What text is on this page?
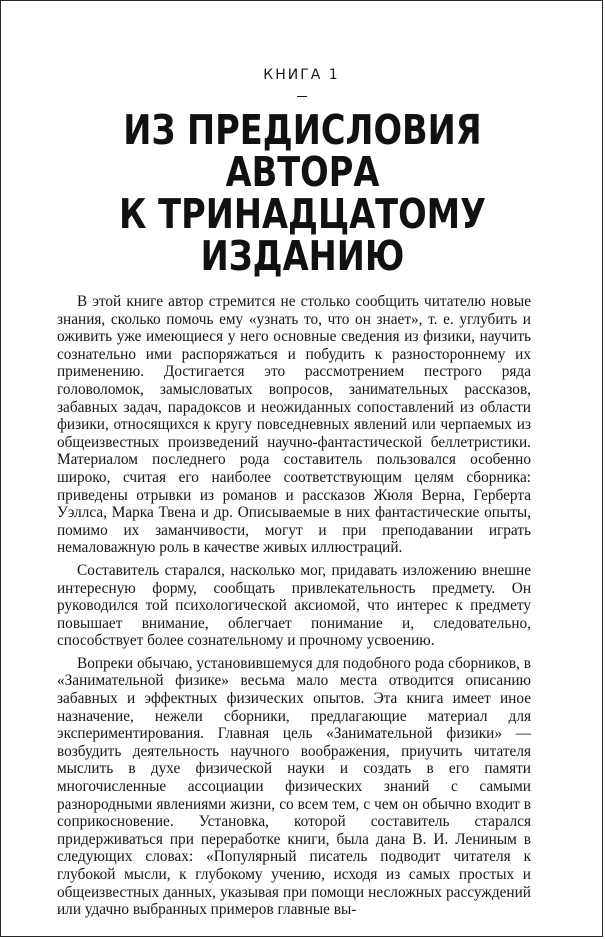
КНИГА 1
ИЗ ПРЕДИСЛОВИЯ
АВТОРА
К ТРИНАДЦАТОМУ
ИЗДАНИЮ

В этой книге автор стремится не столько сообщить читателю новые знания, сколько помочь ему «узнать то, что он знает», т. е. углубить и оживить уже имеющиеся у него основные сведения из физики, научить сознательно ими распоряжаться и побудить к разностороннему их применению. Достигается это рассмотрением пестрого ряда головоломок, замысловатых вопросов, занимательных рассказов, забавных задач, парадоксов и неожиданных сопоставлений из области физики, относящихся к кругу повседневных явлений или черпаемых из общеизвестных произведений научно-фантастической беллетристики. Материалом последнего рода составитель пользовался особенно широко, считая его наиболее соответствующим целям сборника: приведены отрывки из романов и рассказов Жюля Верна, Герберта Уэллса, Марка Твена и др. Описываемые в них фантастические опыты, помимо их заманчивости, могут и при преподавании играть немаловажную роль в качестве живых иллюстраций.

Составитель старался, насколько мог, придавать изложению внешне интересную форму, сообщать привлекательность предмету. Он руководился той психологической аксиомой, что интерес к предмету повышает внимание, облегчает понимание и, следовательно, способствует более сознательному и прочному усвоению.

Вопреки обычаю, установившемуся для подобного рода сборников, в «Занимательной физике» весьма мало места отводится описанию забавных и эффектных физических опытов. Эта книга имеет иное назначение, нежели сборники, предлагающие материал для экспериментирования. Главная цель «Занимательной физики» — возбудить деятельность научного воображения, приучить читателя мыслить в духе физической науки и создать в его памяти многочисленные ассоциации физических знаний с самыми разнородными явлениями жизни, со всем тем, с чем он обычно входит в соприкосновение. Установка, которой составитель старался придерживаться при переработке книги, была дана В. И. Лениным в следующих словах: «Популярный писатель подводит читателя к глубокой мысли, к глубокому учению, исходя из самых простых и общеизвестных данных, указывая при помощи несложных рассуждений или удачно выбранных примеров главные вы-
